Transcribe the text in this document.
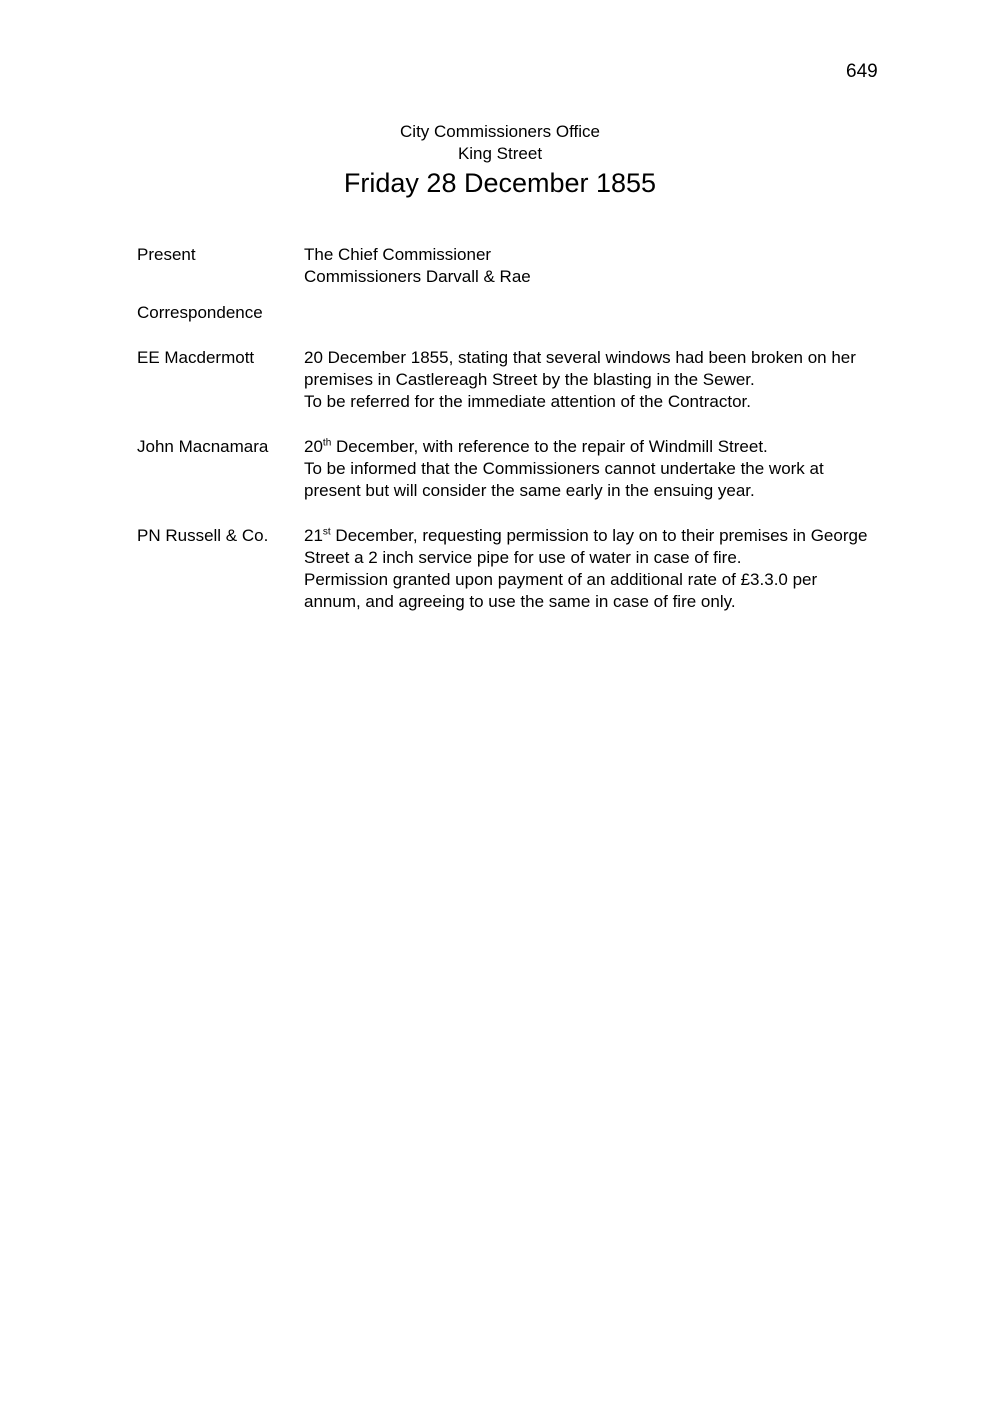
649
City Commissioners Office
King Street
Friday 28 December 1855
Present	The Chief Commissioner
Commissioners Darvall & Rae
Correspondence
EE Macdermott	20 December 1855, stating that several windows had been broken on her
premises in Castlereagh Street by the blasting in the Sewer.
To be referred for the immediate attention of the Contractor.
John Macnamara	20th December, with reference to the repair of Windmill Street.
To be informed that the Commissioners cannot undertake the work at
present but will consider the same early in the ensuing year.
PN Russell & Co.	21st December, requesting permission to lay on to their premises in George
Street a 2 inch service pipe for use of water in case of fire.
Permission granted upon payment of an additional rate of £3.3.0 per
annum, and agreeing to use the same in case of fire only.
